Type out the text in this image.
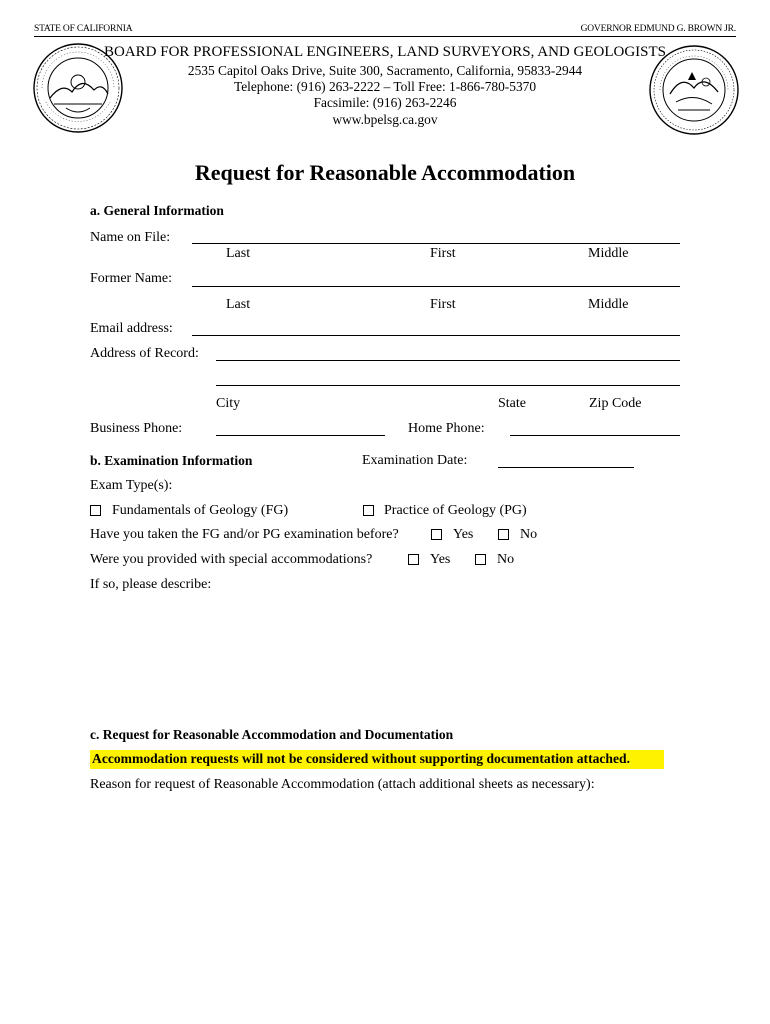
STATE OF CALIFORNIA	GOVERNOR EDMUND G. BROWN JR.
BOARD FOR PROFESSIONAL ENGINEERS, LAND SURVEYORS, AND GEOLOGISTS
2535 Capitol Oaks Drive, Suite 300, Sacramento, California, 95833-2944
Telephone: (916) 263-2222 – Toll Free: 1-866-780-5370
Facsimile: (916) 263-2246
www.bpelsg.ca.gov
Request for Reasonable Accommodation
a. General Information
Name on File:
Last	First	Middle
Former Name:
Last	First	Middle
Email address:
Address of Record:
City	State	Zip Code
Business Phone:	Home Phone:
b. Examination Information	Examination Date:
Exam Type(s):
Fundamentals of Geology (FG)	Practice of Geology (PG)
Have you taken the FG and/or PG examination before?	Yes	No
Were you provided with special accommodations?	Yes	No
If so, please describe:
c. Request for Reasonable Accommodation and Documentation
Accommodation requests will not be considered without supporting documentation attached.
Reason for request of Reasonable Accommodation (attach additional sheets as necessary):
